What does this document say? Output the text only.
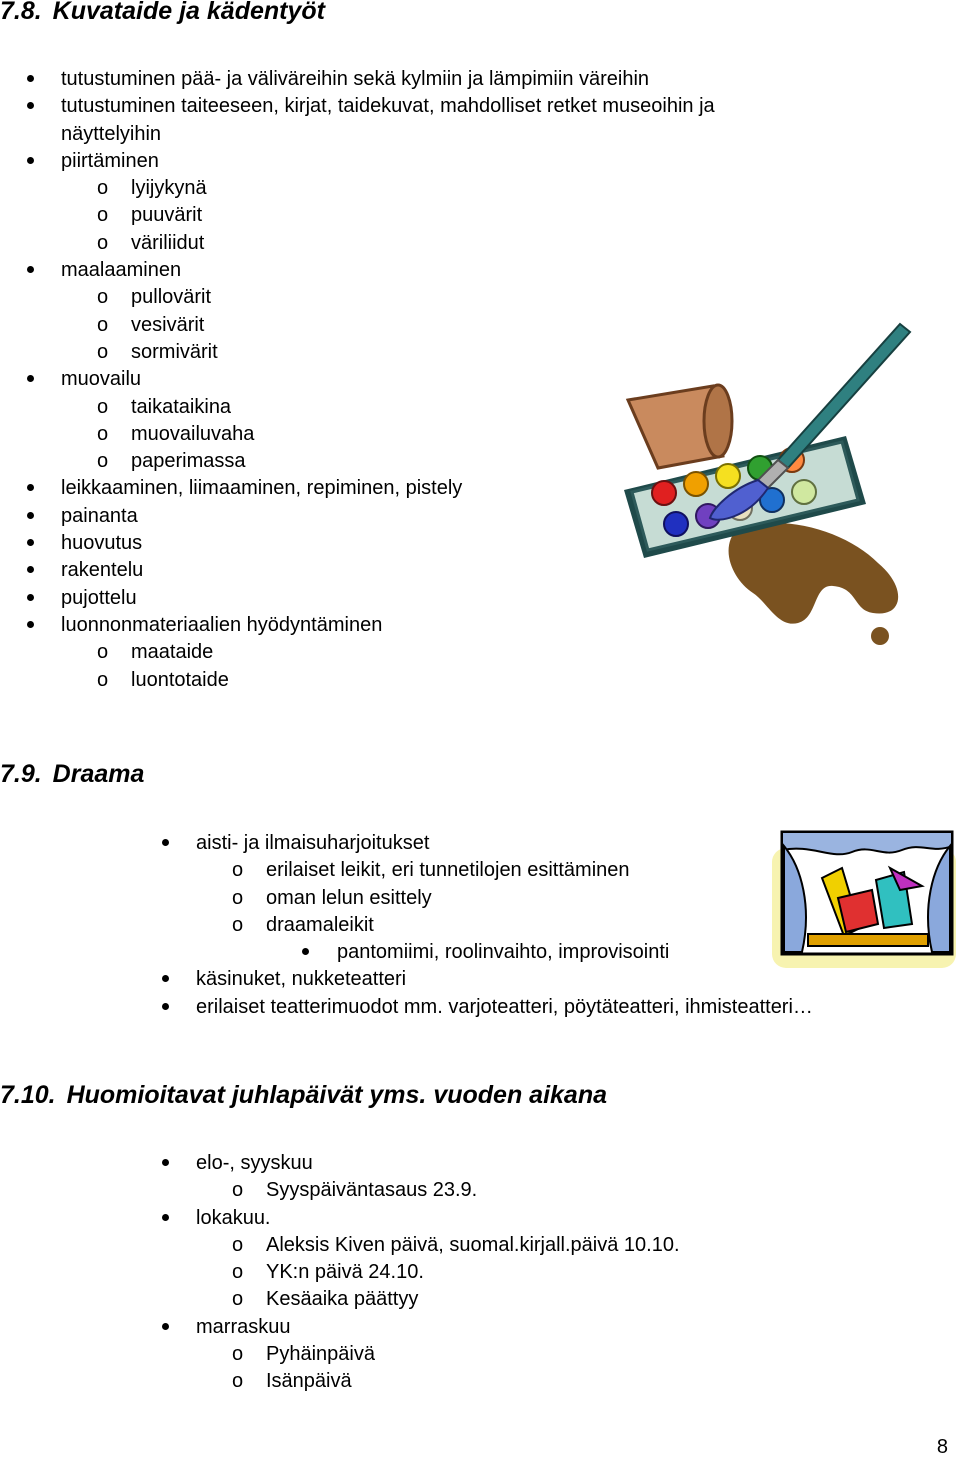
7.8. Kuvataide ja kädentyöt
tutustuminen pää- ja väliväreihin sekä kylmiin ja lämpimiin väreihin
tutustuminen taiteeseen, kirjat, taidekuvat, mahdolliset retket museoihin ja
näyttelyihin
piirtäminen
lyijykynä
puuvärit
väriliidut
maalaaminen
pullovärit
vesivärit
sormivärit
muovailu
taikataikina
muovailuvaha
paperimassa
leikkaaminen, liimaaminen, repiminen, pistely
painanta
huovutus
rakentelu
pujottelu
luonnonmateriaalien hyödyntäminen
maataide
luontotaide
7.9. Draama
aisti- ja ilmaisuharjoitukset
erilaiset leikit, eri tunnetilojen esittäminen
oman lelun esittely
draamaleikit
pantomiimi, roolinvaihto, improvisointi
käsinuket, nukketeatteri
erilaiset teatterimuodot mm. varjoteatteri, pöytäteatteri, ihmisteatteri…
7.10. Huomioitavat juhlapäivät yms. vuoden aikana
elo-, syyskuu
Syyspäiväntasaus 23.9.
lokakuu.
Aleksis Kiven päivä, suomal.kirjall.päivä 10.10.
YK:n päivä 24.10.
Kesäaika päättyy
marraskuu
Pyhäinpäivä
Isänpäivä
8
